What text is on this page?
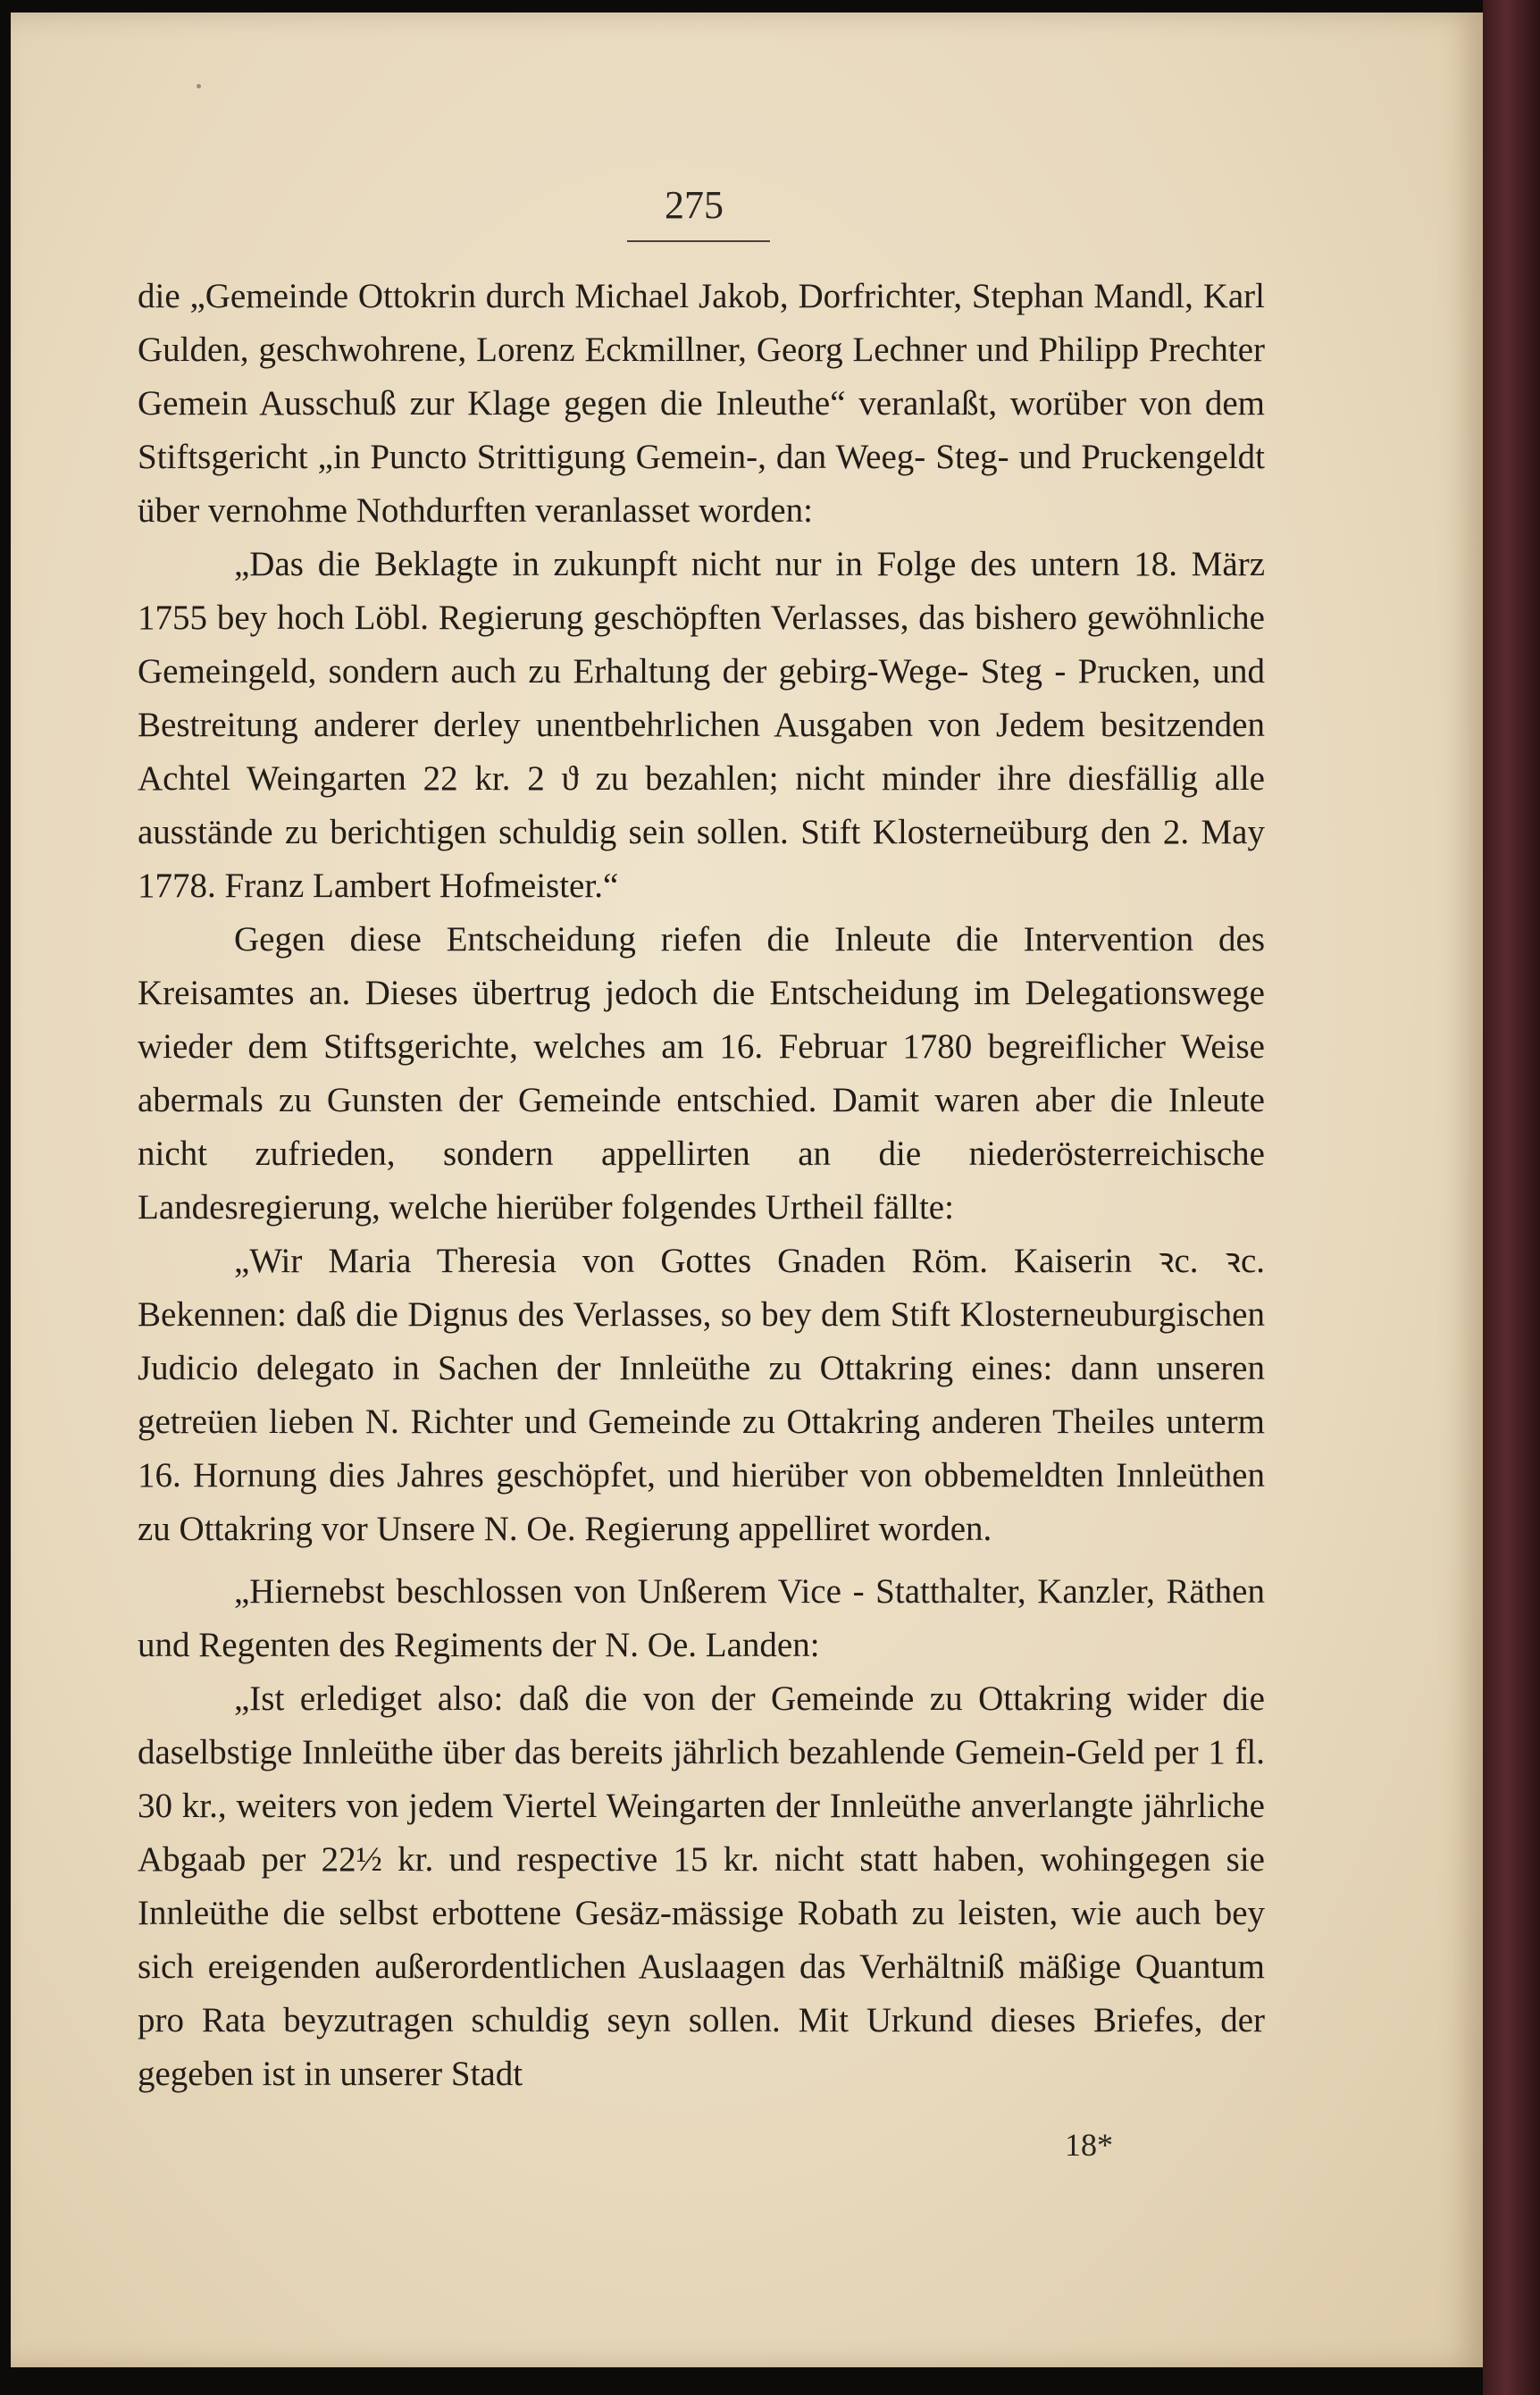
275

die „Gemeinde Ottokrin durch Michael Jakob, Dorfrichter, Stephan Mandl, Karl Gulden, geschwohrene, Lorenz Eckmillner, Georg Lechner und Philipp Prechter Gemein Ausschuß zur Klage gegen die Inleuthe“ veranlaßt, worüber von dem Stiftsgericht „in Puncto Strittigung Gemein-, dan Weeg- Steg- und Pruckengeldt über vernohme Nothdurften veranlasset worden:

„Das die Beklagte in zukunpft nicht nur in Folge des untern 18. März 1755 bey hoch Löbl. Regierung geschöpften Verlasses, das bishero gewöhnliche Gemeingeld, sondern auch zu Erhaltung der gebirg-Wege- Steg - Prucken, und Bestreitung anderer derley unentbehrlichen Ausgaben von Jedem besitzenden Achtel Weingarten 22 kr. 2 ϑ zu bezahlen; nicht minder ihre diesfällig alle ausstände zu berichtigen schuldig sein sollen. Stift Klosterneüburg den 2. May 1778. Franz Lambert Hofmeister.“

Gegen diese Entscheidung riefen die Inleute die Intervention des Kreisamtes an. Dieses übertrug jedoch die Entscheidung im Delegationswege wieder dem Stiftsgerichte, welches am 16. Februar 1780 begreiflicher Weise abermals zu Gunsten der Gemeinde entschied. Damit waren aber die Inleute nicht zufrieden, sondern appellirten an die niederösterreichische Landesregierung, welche hierüber folgendes Urtheil fällte:

„Wir Maria Theresia von Gottes Gnaden Röm. Kaiserin ꝛc. ꝛc. Bekennen: daß die Dignus des Verlasses, so bey dem Stift Klosterneuburgischen Judicio delegato in Sachen der Innleüthe zu Ottakring eines: dann unseren getreüen lieben N. Richter und Gemeinde zu Ottakring anderen Theiles unterm 16. Hornung dies Jahres geschöpfet, und hierüber von obbemeldten Innleüthen zu Ottakring vor Unsere N. Oe. Regierung appelliret worden.

„Hiernebst beschlossen von Unßerem Vice - Statthalter, Kanzler, Räthen und Regenten des Regiments der N. Oe. Landen:

„Ist erlediget also: daß die von der Gemeinde zu Ottakring wider die daselbstige Innleüthe über das bereits jährlich bezahlende Gemein-Geld per 1 fl. 30 kr., weiters von jedem Viertel Weingarten der Innleüthe anverlangte jährliche Abgaab per 22½ kr. und respective 15 kr. nicht statt haben, wohingegen sie Innleüthe die selbst erbottene Gesäz-mässige Robath zu leisten, wie auch bey sich ereigenden außerordentlichen Auslaagen das Verhältniß mäßige Quantum pro Rata beyzutragen schuldig seyn sollen. Mit Urkund dieses Briefes, der gegeben ist in unserer Stadt

18*
